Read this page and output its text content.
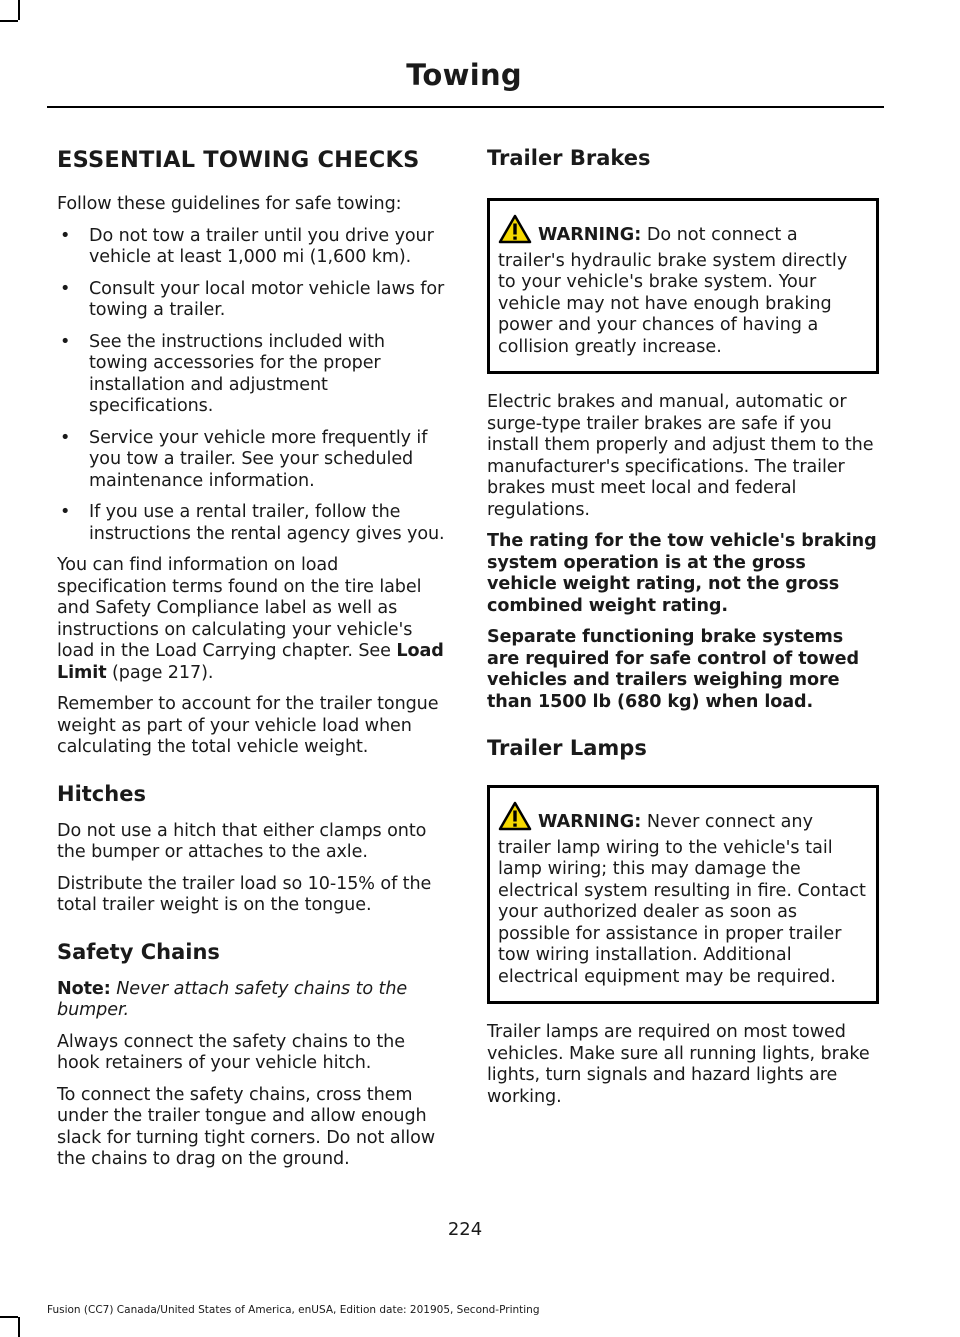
Towing
ESSENTIAL TOWING CHECKS

Follow these guidelines for safe towing:

• Do not tow a trailer until you drive your vehicle at least 1,000 mi (1,600 km).
• Consult your local motor vehicle laws for towing a trailer.
• See the instructions included with towing accessories for the proper installation and adjustment specifications.
• Service your vehicle more frequently if you tow a trailer. See your scheduled maintenance information.
• If you use a rental trailer, follow the instructions the rental agency gives you.

You can find information on load specification terms found on the tire label and Safety Compliance label as well as instructions on calculating your vehicle's load in the Load Carrying chapter. See Load Limit (page 217).

Remember to account for the trailer tongue weight as part of your vehicle load when calculating the total vehicle weight.

Hitches

Do not use a hitch that either clamps onto the bumper or attaches to the axle.

Distribute the trailer load so 10-15% of the total trailer weight is on the tongue.

Safety Chains

Note: Never attach safety chains to the bumper.

Always connect the safety chains to the hook retainers of your vehicle hitch.

To connect the safety chains, cross them under the trailer tongue and allow enough slack for turning tight corners. Do not allow the chains to drag on the ground.

Trailer Brakes
WARNING: Do not connect a trailer's hydraulic brake system directly to your vehicle's brake system. Your vehicle may not have enough braking power and your chances of having a collision greatly increase.

Electric brakes and manual, automatic or surge-type trailer brakes are safe if you install them properly and adjust them to the manufacturer's specifications. The trailer brakes must meet local and federal regulations.

The rating for the tow vehicle's braking system operation is at the gross vehicle weight rating, not the gross combined weight rating.

Separate functioning brake systems are required for safe control of towed vehicles and trailers weighing more than 1500 lb (680 kg) when load.

Trailer Lamps
WARNING: Never connect any trailer lamp wiring to the vehicle's tail lamp wiring; this may damage the electrical system resulting in fire. Contact your authorized dealer as soon as possible for assistance in proper trailer tow wiring installation. Additional electrical equipment may be required.

Trailer lamps are required on most towed vehicles. Make sure all running lights, brake lights, turn signals and hazard lights are working.

224
Fusion (CC7) Canada/United States of America, enUSA, Edition date: 201905, Second-Printing
